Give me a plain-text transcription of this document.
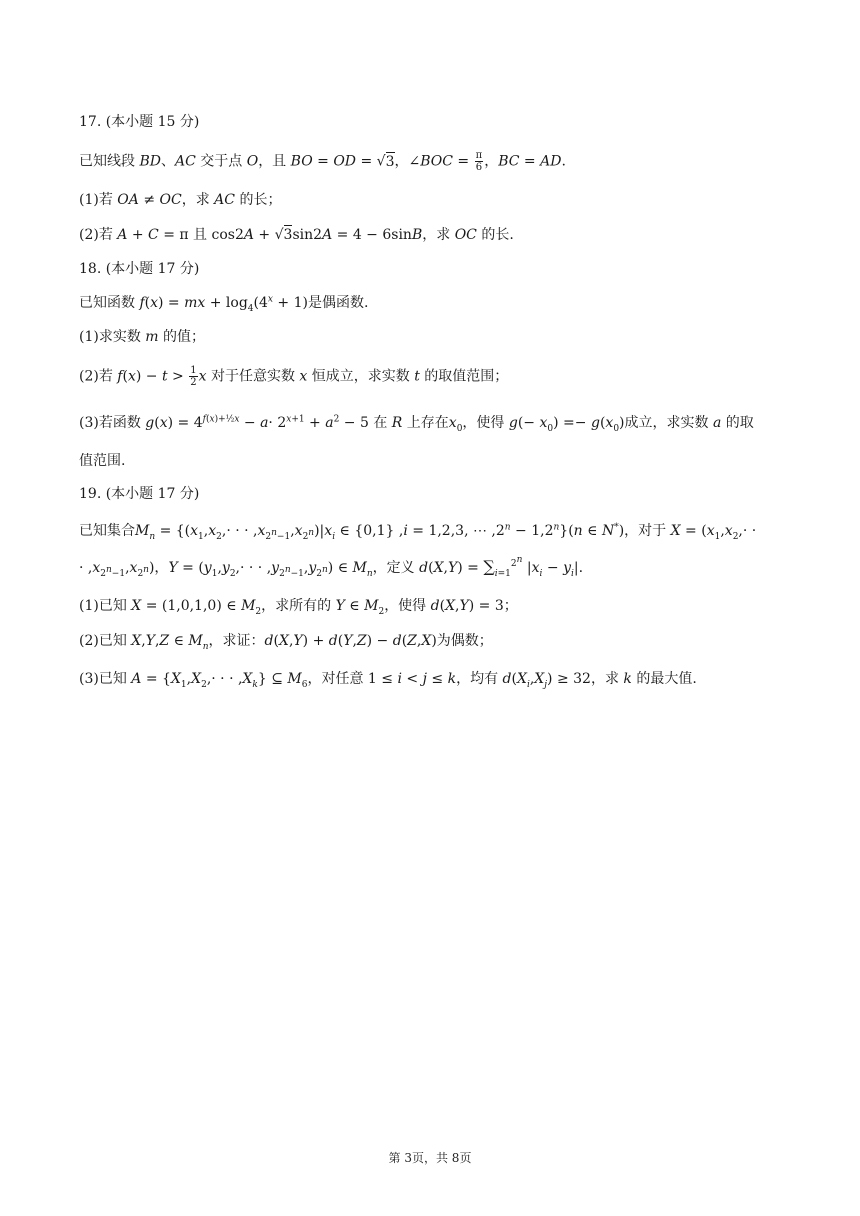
17. (本小题 15 分)
已知线段 BD、AC 交于点 O，且 BO = OD = √3，∠BOC = $\frac{\pi}{6}$ ，BC = AD.
(1)若 OA ≠ OC，求 AC 的长；
(2)若 A + C = π 且 cos2A + √3sin2A = 4 − 6sinB，求 OC 的长.
18. (本小题 17 分)
已知函数 f(x) = mx + $\log_4(4^x + 1)$是偶函数.
(1)求实数 m 的值；
(2)若 $f(x) - t > \frac{1}{2}$ x 对于任意实数 x 恒成立，求实数 t 的取值范围；
(3)若函数 $g(x) = 4^{f(x)+\frac{1}{2}x} - a\cdot 2^{x+1} + a^2 - 5$ 在 R 上存在$x_0$，使得 $g(- x_0) =- g(x_0)$成立，求实数 a 的取
值范围.
19. (本小题 17 分)
已知集合$M_n = \{(x_1,x_2,\cdot$ · · $,x_{2^n-1},x_{2^n})|x_i$ ∈ {0,1} ,i = 1,2,3, ⋯ $,2^n - 1,2^n\}(n$ ∈ N*)，对于 $X = (x_1,x_2,\cdot$ ·
· $,x_{2^n-1},x_{2^n}$)，$Y = (y_1,y_2,\cdot$ · · $,y_{2^n-1},y_{2^n}$) ∈ $M_n$，定义 $d(X,Y) = \sum_{i=1}^{2^n}$ $|x_i - y_i|$.
(1)已知 X = (1,0,1,0) ∈ $M_2$，求所有的 Y ∈ $M_2$，使得 d(X,Y) = 3；
(2)已知 X,Y,Z ∈ $M_n$，求证：d(X,Y) + d(Y,Z) − d(Z,X)为偶数；
(3)已知 $A = \{X_1,X_2,\cdot$ · · $,X_k$} ⊆ $M_6$，对任意 1 ≤ i < j ≤ k，均有 $d(X_i,X_j) \ge 32$，求 k 的最大值.
第 3页，共 8页
